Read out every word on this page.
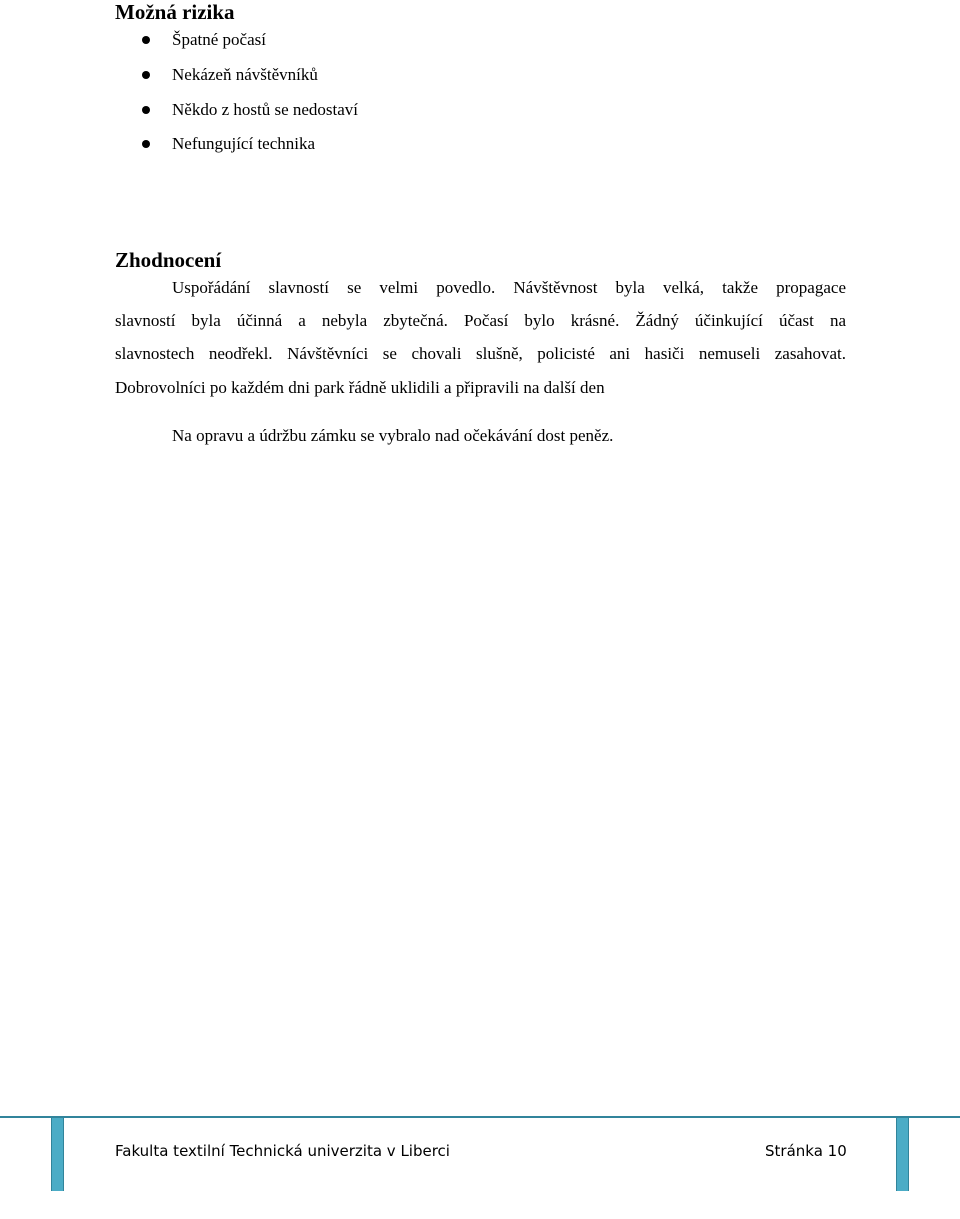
Možná rizika
Špatné počasí
Nekázeň návštěvníků
Někdo z hostů se nedostaví
Nefungující technika
Zhodnocení
Uspořádání slavností se velmi povedlo. Návštěvnost byla velká, takže propagace
slavností byla účinná a nebyla zbytečná. Počasí bylo krásné. Žádný účinkující účast na
slavnostech neodřekl. Návštěvníci se chovali slušně, policisté ani hasiči nemuseli zasahovat.
Dobrovolníci po každém dni park řádně uklidili a připravili na další den
Na opravu a údržbu zámku se vybralo nad očekávání dost peněz.
Fakulta textilní Technická univerzita v Liberci	Stránka 10
